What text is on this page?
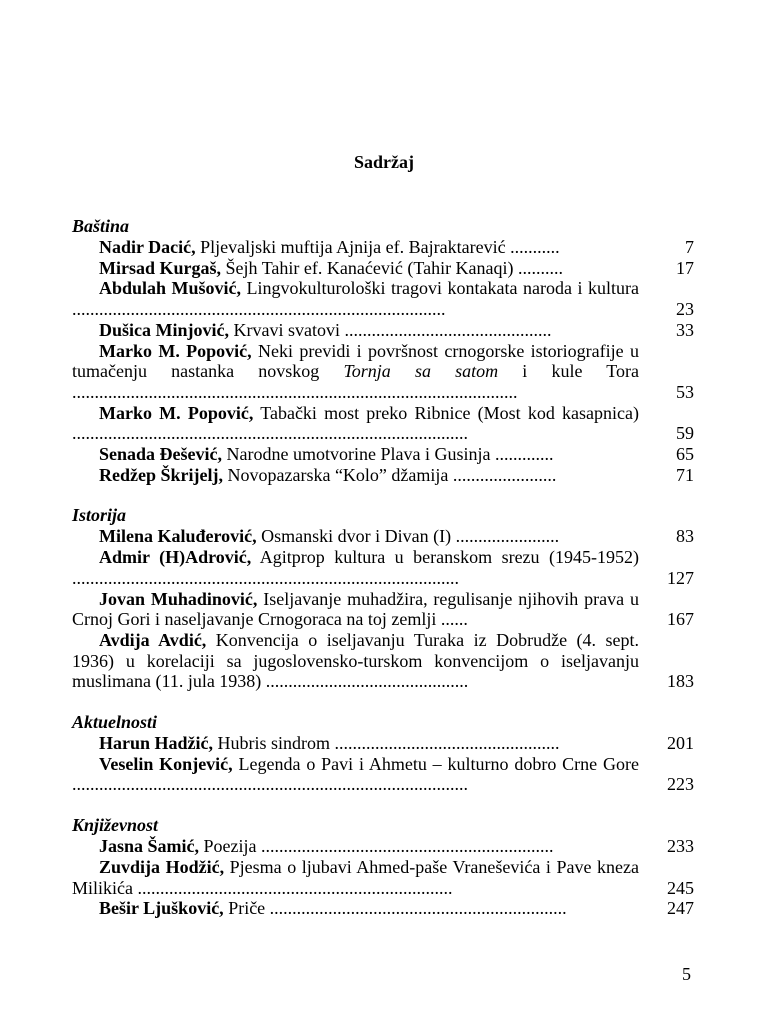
Sadržaj
Baština
Nadir Dacić, Pljevaljski muftija Ajnija ef. Bajraktarević ...........	7
Mirsad Kurgaš, Šejh Tahir ef. Kanaćević (Tahir Kanaqi) ..........	17
Abdulah Mušović, Lingvokulturološki tragovi kontakata naroda i kultura ...................................................................................	23
Dušica Minjović, Krvavi svatovi ..............................................	33
Marko M. Popović, Neki previdi i površnost crnogorske istoriografije u tumačenju nastanka novskog Tornja sa satom i kule Tora ...................................................................................................	53
Marko M. Popović, Tabački most preko Ribnice (Most kod kasapnica) ........................................................................................	59
Senada Đešević, Narodne umotvorine Plava i Gusinja .............	65
Redžep Škrijelj, Novopazarska “Kolo” džamija .......................	71
Istorija
Milena Kaluđerović, Osmanski dvor i Divan (I) .......................	83
Admir (H)Adrović, Agitprop kultura u beranskom srezu (1945-1952) ......................................................................................	127
Jovan Muhadinović, Iseljavanje muhadžira, regulisanje njihovih prava u Crnoj Gori i naseljavanje Crnogoraca na toj zemlji ......	167
Avdija Avdić, Konvencija o iseljavanju Turaka iz Dobrudže (4. sept. 1936) u korelaciji sa jugoslovensko-turskom konvencijom o iseljavanju muslimana (11. jula 1938) .............................................	183
Aktuelnosti
Harun Hadžić, Hubris sindrom ..................................................	201
Veselin Konjević, Legenda o Pavi i Ahmetu – kulturno dobro Crne Gore ........................................................................................	223
Književnost
Jasna Šamić, Poezija .................................................................	233
Zuvdija Hodžić, Pjesma o ljubavi Ahmed-paše Vraneševića i Pave kneza Milikića ......................................................................	245
Bešir Ljušković, Priče ..................................................................	247
5
